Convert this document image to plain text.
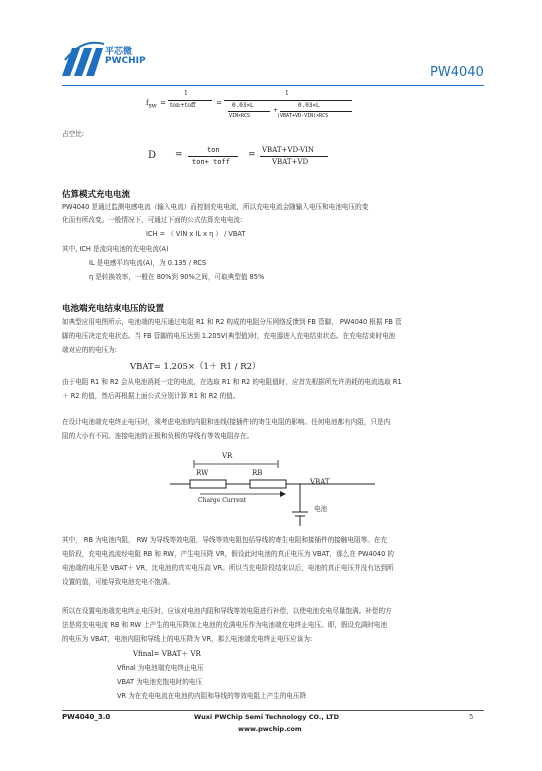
平芯微
PWCHIP
PW4040
$f_{sw}$ =
1
ton+toff	=
1
0.03×L
VIN×RCS
+
0.03×L
(VBAT+VD-VIN)×RCS
占空比:
D =	ton
ton+ toff
= VBAT+VD-VIN
VBAT+VD
估算模式充电电流
PW4040 是通过监测电感电流（输入电流）而控制充电电流，所以充电电流会随输入电压和电池电压的变
化而有所改变。一般情况下，可通过下面的公式估算充电电流:
ICH = （ VIN x IL x η ） / VBAT
其中, ICH 是流向电池的充电电流(A)
IL 是电感平均电流(A)，为 0.135 / RCS
η 是转换效率，一般在 80%到 90%之间，可取典型值 85%
电池端充电结束电压的设置
如典型应用电图所示，电池端的电压通过电阻 R1 和 R2 构成的电阻分压网络反馈到 FB 管脚， PW4040 根据 FB 管
脚的电压决定充电状态。当 FB 管脚的电压达到 1.205V(典型值)时，充电器进入充电结束状态。在充电结束时电池
端对应的的电压为:
VBAT= 1.205×（1＋ R1 / R2）
由于电阻 R1 和 R2 会从电池消耗一定的电流，在选取 R1 和 R2 的电阻值时，应首先根据所允许消耗的电流选取 R1
＋ R2 的值，然后再根据上面公式分别计算 R1 和 R2 的值。
在设计电池端充电终止电压时，须考虑电池的内阻和连线(接插件)的寄生电阻的影响。任何电池都有内阻，只是内
阻的大小有不同。连接电池的正极和负极的导线有等效电阻存在。
VR
RW	RB
VBAT
Charge Current
电池
其中， RB 为电池内阻， RW 为导线等效电阻，导线等效电阻包括导线的寄生电阻和接插件的接触电阻等。在充
电阶段，充电电流流经电阻 RB 和 RW，产生电压降 VR，假设此时电池的真正电压为 VBAT，那么在 PW4040 的
电池端的电压是 VBAT＋ VR，比电池的真实电压高 VR。所以当充电阶段结束以后，电池的真正电压并没有达到所
设置的值，可能导致电池充电不饱满。
所以在设置电池端充电终止电压时，应该对电池内阻和导线等效电阻进行补偿，以使电池充电尽量饱满。补偿的方
法是将充电电流 RB 和 RW 上产生的电压降加上电池的充满电压作为电池端充电终止电压。即，假设充满时电池
的电压为 VBAT，电池内阻和导线上的电压降为 VR，那么电池端充电终止电压应该为:
Vfinal= VBAT＋ VR
Vfinal 为电池端充电终止电压
VBAT 为电池充饱电时的电压
VR 为在充电电流在电池的内阻和导线的等效电阻上产生的电压降
PW4040_3.0	Wuxi PWChip Semi Technology CO., LTD
www.pwchip.com
5
